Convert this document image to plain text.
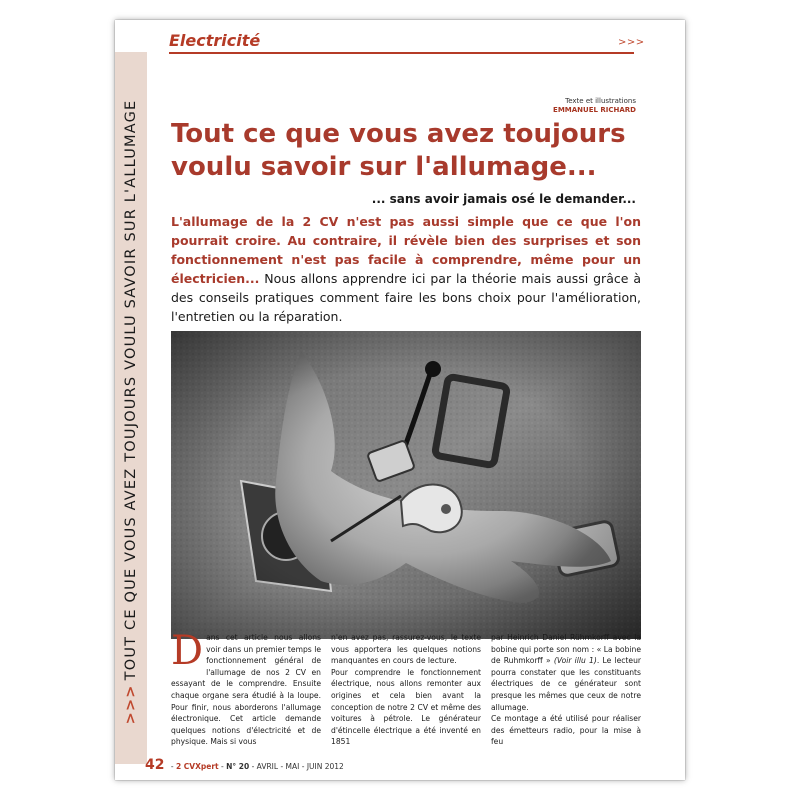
>>>TOUT CE QUE VOUS AVEZ TOUJOURS VOULU SAVOIR SUR L'ALLUMAGE
Electricité	>>>
Texte et illustrations
EMMANUEL RICHARD
Tout ce que vous avez toujours voulu savoir sur l'allumage...
... sans avoir jamais osé le demander...
L'allumage de la 2 CV n'est pas aussi simple que ce que l'on pourrait croire. Au contraire, il révèle bien des surprises et son fonctionnement n'est pas facile à comprendre, même pour un électricien... Nous allons apprendre ici par la théorie mais aussi grâce à des conseils pratiques comment faire les bons choix pour l'amélioration, l'entretien ou la réparation.

Dans cet article nous allons voir dans un premier temps le fonctionnement général de l'allumage de nos 2 CV en essayant de le comprendre. Ensuite chaque organe sera étudié à la loupe. Pour finir, nous aborderons l'allumage électronique. Cet article demande quelques notions d'électricité et de physique. Mais si vous

n'en avez pas, rassurez-vous, le texte vous apportera les quelques notions manquantes en cours de lecture.

Pour comprendre le fonctionnement électrique, nous allons remonter aux origines et cela bien avant la conception de notre 2 CV et même des voitures à pétrole. Le générateur d'étincelle électrique a été inventé en 1851

par Heinrich Daniel Rühmkorff avec la bobine qui porte son nom : « La bobine de Ruhmkorff » (Voir illu 1). Le lecteur pourra constater que les constituants électriques de ce générateur sont presque les mêmes que ceux de notre allumage.

Ce montage a été utilisé pour réaliser des émetteurs radio, pour la mise à feu

42 - 2 CVXpert - N° 20 - AVRIL - MAI - JUIN 2012
